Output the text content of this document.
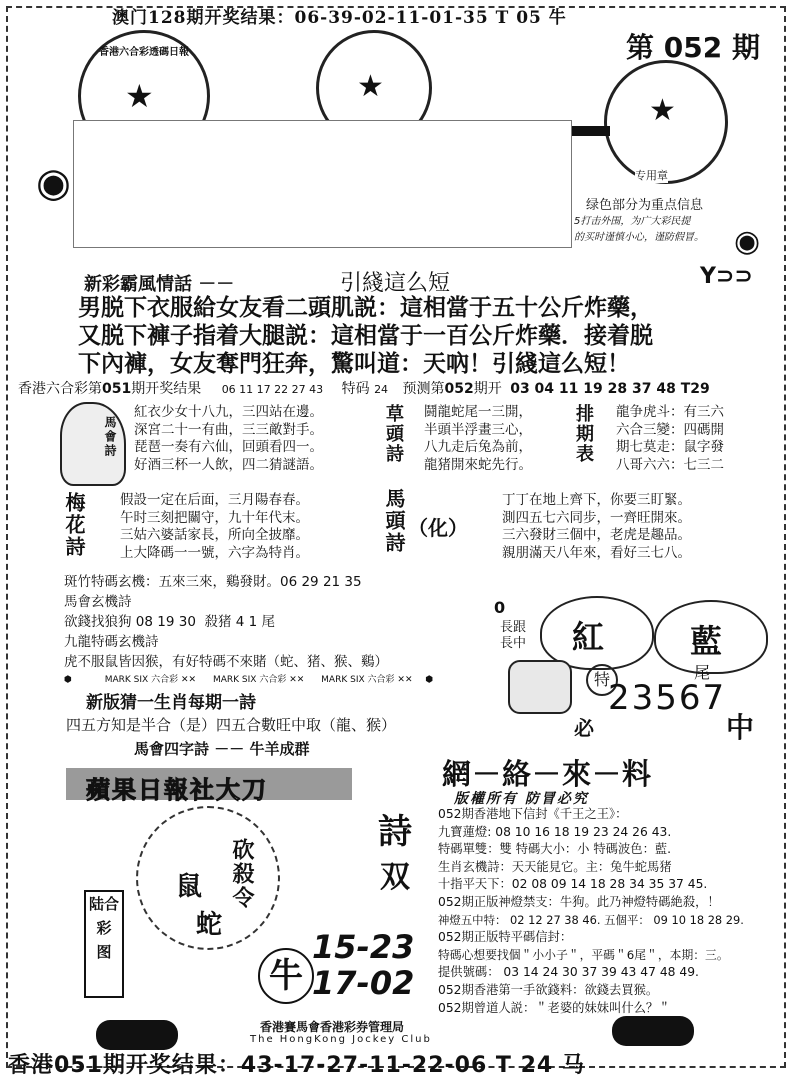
澳门128期开奖结果：06-39-02-11-01-35 T 05 牛
第 052 期
★
香港六合彩透碼日報
★
★
专用章
◉
◉
绿色部分为重点信息
5打击外围，为广大彩民提
的买时谨慎小心，谨防假冒。
新彩霸風情話 －－	引綫這么短	Y⊃⊃
男脱下衣服給女友看二頭肌説：這相當于五十公斤炸藥，
又脱下褲子指着大腿説：這相當于一百公斤炸藥．接着脱
下內褲，女友奪門狂奔，驚叫道：天吶！引綫這么短！
香港六合彩第051期开奖结果 06 11 17 22 27 43 特码 24 预测第052期开 03 04 11 19 28 37 48 T29
馬會詩
紅衣少女十八九，三四站在邊。
深宮二十一有曲，三三敵對手。
琵琶一奏有六仙，回頭看四一。
好酒三杯一人飲，四二猜謎語。
草頭詩 鬪龍蛇尾一三開，
半頭半浮畫三心，
八九走后兔為前，
龍猪開來蛇先行。
排期表 龍争虎斗：有三六
六合三變：四碼開
期七莫走：鼠字發
八哥六六：七三二
梅花詩	假設一定在后面，三月陽春春。
午时三刻把關守，九十年代末。
三姑六婆話家長，所向全披靡。
上大降碼一一號，六字為特肖。	馬頭詩 （化）
丁丁在地上齊下，你要三盯緊。
測四五七六同步，一齊旺開來。
三六發財三個中，老虎是趣品。
親朋滿天八年來，看好三七八。
斑竹特碼玄機：五來三來，鷄發財。06 29 21 35
馬會玄機詩
欲錢找狼狗 08 19 30  殺猪 4 1 尾
九龍特碼玄機詩
虎不服鼠皆因猴，有好特碼不來賭（蛇、猪、猴、鷄）
⬢	MARK SIX 六合彩 ✕✕ MARK SIX 六合彩 ✕✕ MARK SIX 六合彩 ✕✕ ⬢
新版猜一生肖每期一詩
四五方知是半合（是）四五合數旺中取（龍、猴）
馬會四字詩 －－ 牛羊成群
0
長跟長中	紅	藍
特	尾
23567
必	中
蘋果日報社大刀
陆合彩
图
鼠
蛇
砍殺令
詩
双
牛
15-23
17-02
網－絡－來－料
版權所有 防冒必究
052期香港地下信封《千王之王》：
九寶蓮燈: 08 10 16 18 19 23 24 26 43.
特碼單雙：雙 特碼大小：小 特碼波色：藍.
生肖玄機詩：天天能見它。主：兔牛蛇馬猪
十指平天下：02 08 09 14 18 28 34 35 37 45.
052期正版神燈禁支：牛狗。此乃神燈特碼絶殺，！
神燈五中特： 02 12 27 38 46. 五個平： 09 10 18 28 29.
052期正版特平碼信封：
特碼心想要找個＂小小子＂，平碼＂6尾＂，本期：三。
提供號碼： 03 14 24 30 37 39 43 47 48 49.
052期香港第一手欲錢料：欲錢去買猴。
052期曾道人説：＂老婆的妹妹叫什么？＂
香港賽馬會香港彩券管理局
The HongKong Jockey Club
香港051期开奖结果：43-17-27-11-22-06 T 24 马
